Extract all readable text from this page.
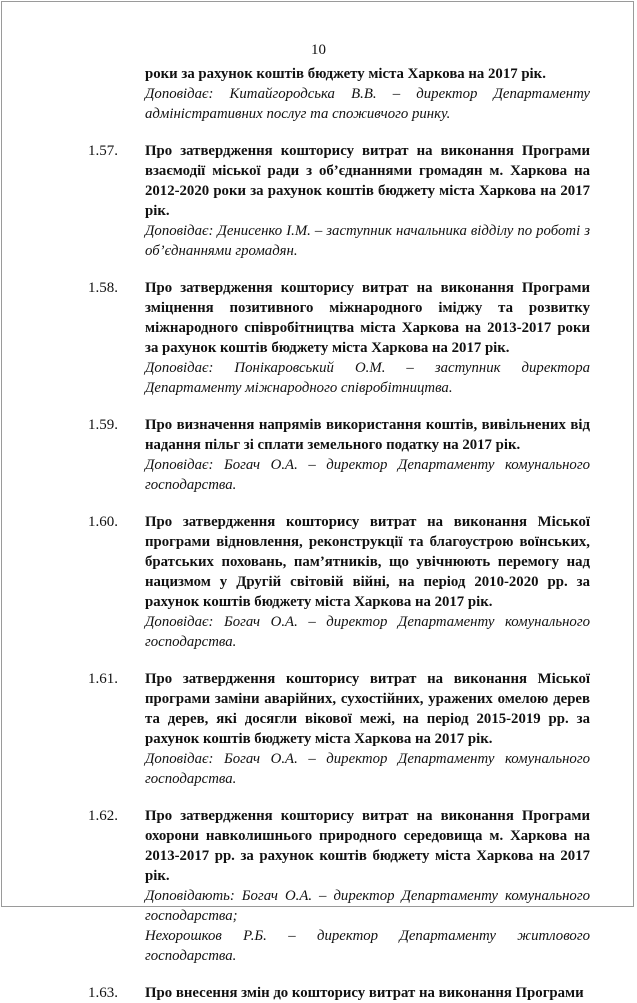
10
роки за рахунок коштів бюджету міста Харкова на 2017 рік.
Доповідає: Китайгородська В.В. – директор Департаменту адміністративних послуг та споживчого ринку.
1.57. Про затвердження кошторису витрат на виконання Програми взаємодії міської ради з об’єднаннями громадян м. Харкова на 2012-2020 роки за рахунок коштів бюджету міста Харкова на 2017 рік.
Доповідає: Денисенко І.М. – заступник начальника відділу по роботі з об’єднаннями громадян.
1.58. Про затвердження кошторису витрат на виконання Програми зміцнення позитивного міжнародного іміджу та розвитку міжнародного співробітництва міста Харкова на 2013-2017 роки за рахунок коштів бюджету міста Харкова на 2017 рік.
Доповідає: Понікаровський О.М. – заступник директора Департаменту міжнародного співробітництва.
1.59. Про визначення напрямів використання коштів, вивільнених від надання пільг зі сплати земельного податку на 2017 рік.
Доповідає: Богач О.А. – директор Департаменту комунального господарства.
1.60. Про затвердження кошторису витрат на виконання Міської програми відновлення, реконструкції та благоустрою воїнських, братських поховань, пам’ятників, що увічнюють перемогу над нацизмом у Другій світовій війні, на період 2010-2020 рр. за рахунок коштів бюджету міста Харкова на 2017 рік.
Доповідає: Богач О.А. – директор Департаменту комунального господарства.
1.61. Про затвердження кошторису витрат на виконання Міської програми заміни аварійних, сухостійних, уражених омелою дерев та дерев, які досягли вікової межі, на період 2015-2019 рр. за рахунок коштів бюджету міста Харкова на 2017 рік.
Доповідає: Богач О.А. – директор Департаменту комунального господарства.
1.62. Про затвердження кошторису витрат на виконання Програми охорони навколишнього природного середовища м. Харкова на 2013-2017 рр. за рахунок коштів бюджету міста Харкова на 2017 рік.
Доповідають: Богач О.А. – директор Департаменту комунального господарства;
Нехорошков Р.Б. – директор Департаменту житлового господарства.
1.63. Про внесення змін до кошторису витрат на виконання Програми
